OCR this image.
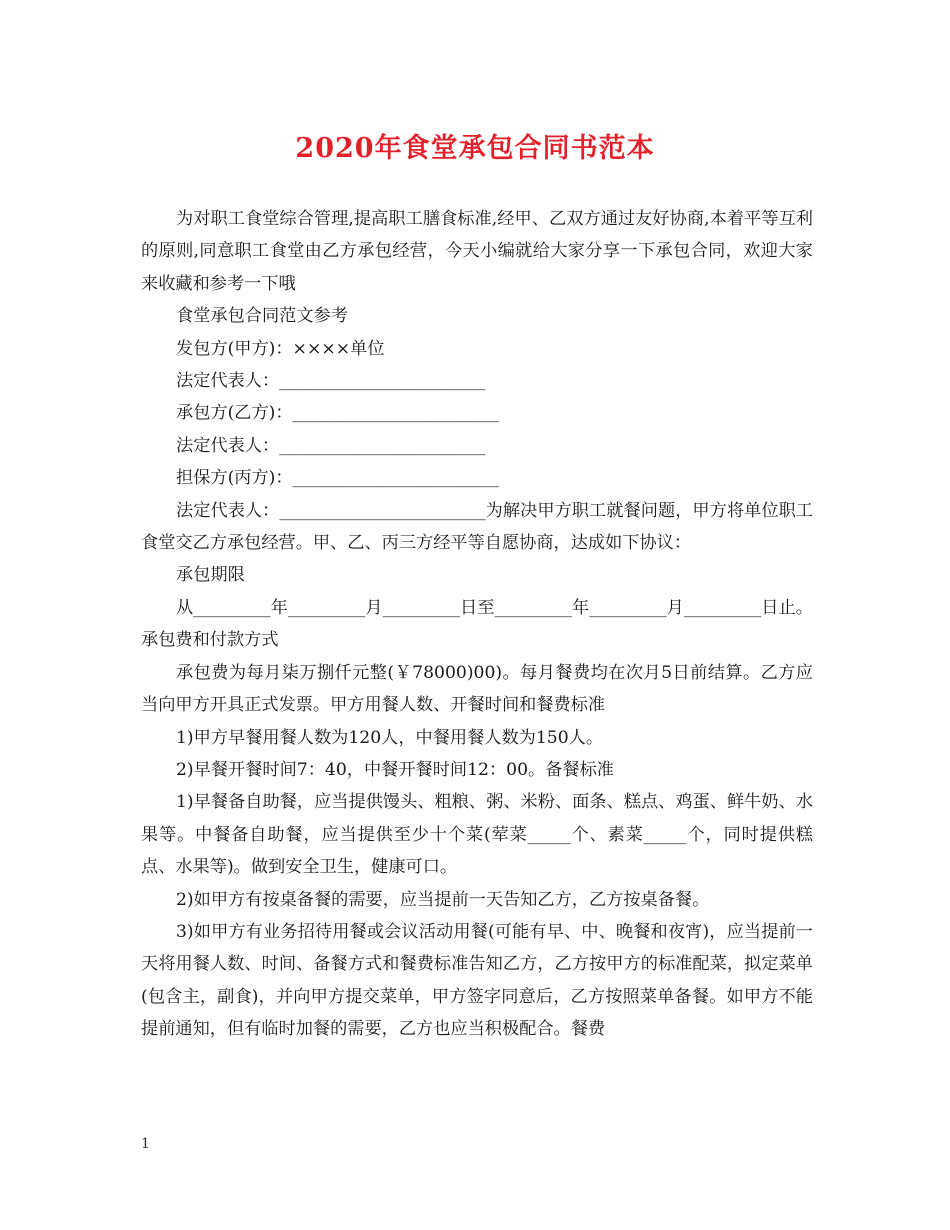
2020年食堂承包合同书范本

为对职工食堂综合管理,提高职工膳食标准,经甲、乙双方通过友好协商,本着平等互利的原则,同意职工食堂由乙方承包经营，今天小编就给大家分享一下承包合同，欢迎大家来收藏和参考一下哦

食堂承包合同范文参考

发包方(甲方)：××××单位

法定代表人：________________________

承包方(乙方)：________________________

法定代表人：________________________

担保方(丙方)：________________________

法定代表人：________________________为解决甲方职工就餐问题，甲方将单位职工食堂交乙方承包经营。甲、乙、丙三方经平等自愿协商，达成如下协议：

承包期限

从_________年_________月_________日至_________年_________月_________日止。承包费和付款方式

承包费为每月柒万捌仟元整(￥78000)00)。每月餐费均在次月5日前结算。乙方应当向甲方开具正式发票。甲方用餐人数、开餐时间和餐费标准

1)甲方早餐用餐人数为120人，中餐用餐人数为150人。

2)早餐开餐时间7：40，中餐开餐时间12：00。备餐标准

1)早餐备自助餐，应当提供馒头、粗粮、粥、米粉、面条、糕点、鸡蛋、鲜牛奶、水果等。中餐备自助餐，应当提供至少十个菜(荤菜_____个、素菜_____个，同时提供糕点、水果等)。做到安全卫生，健康可口。

2)如甲方有按桌备餐的需要，应当提前一天告知乙方，乙方按桌备餐。

3)如甲方有业务招待用餐或会议活动用餐(可能有早、中、晚餐和夜宵)，应当提前一天将用餐人数、时间、备餐方式和餐费标准告知乙方，乙方按甲方的标准配菜，拟定菜单(包含主，副食)，并向甲方提交菜单，甲方签字同意后，乙方按照菜单备餐。如甲方不能提前通知，但有临时加餐的需要，乙方也应当积极配合。餐费

1
